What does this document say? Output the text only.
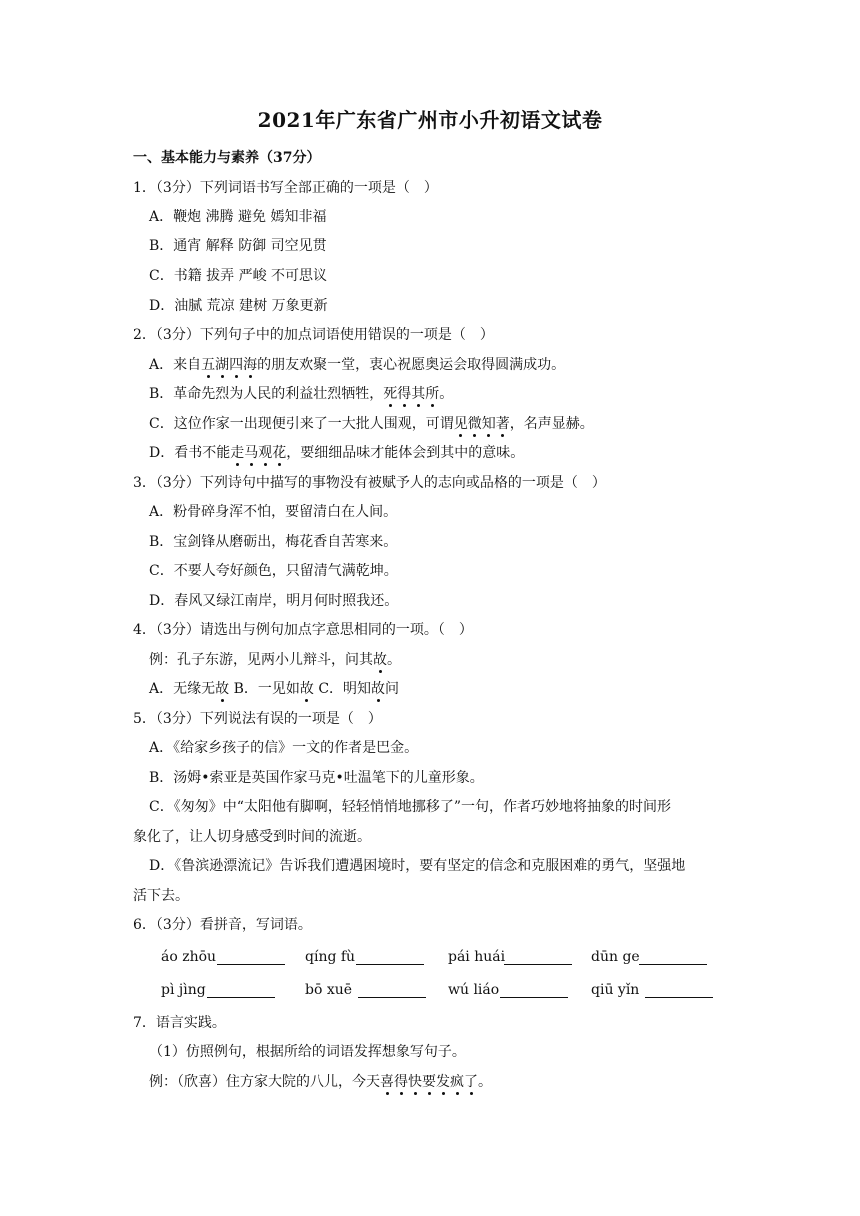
2021年广东省广州市小升初语文试卷
一、基本能力与素养（37分）
1．（3分）下列词语书写全部正确的一项是（　）
A．鞭炮 沸腾 避免 嫣知非福
B．通宵 解释 防御 司空见贯
C．书籍 拔弄 严峻 不可思议
D．油腻 荒凉 建树 万象更新
2．（3分）下列句子中的加点词语使用错误的一项是（　）
A．来自五湖四海的朋友欢聚一堂，衷心祝愿奥运会取得圆满成功。
B．革命先烈为人民的利益壮烈牺牲，死得其所。
C．这位作家一出现便引来了一大批人围观，可谓见微知著，名声显赫。
D．看书不能走马观花，要细细品味才能体会到其中的意味。
3．（3分）下列诗句中描写的事物没有被赋予人的志向或品格的一项是（　）
A．粉骨碎身浑不怕，要留清白在人间。
B．宝剑锋从磨砺出，梅花香自苦寒来。
C．不要人夸好颜色，只留清气满乾坤。
D．春风又绿江南岸，明月何时照我还。
4．（3分）请选出与例句加点字意思相同的一项。（　）
例：孔子东游，见两小儿辩斗，问其故。
A．无缘无故 B．一见如故 C．明知故问
5．（3分）下列说法有误的一项是（　）
A．《给家乡孩子的信》一文的作者是巴金。
B．汤姆•索亚是英国作家马克•吐温笔下的儿童形象。
C．《匆匆》中“太阳他有脚啊，轻轻悄悄地挪移了”一句，作者巧妙地将抽象的时间形
象化了，让人切身感受到时间的流逝。
D．《鲁滨逊漂流记》告诉我们遭遇困境时，要有坚定的信念和克服困难的勇气，坚强地
活下去。
6．（3分）看拼音，写词语。
áo zhōu	qíng fù	pái huái	dūn ge
pì jìng	bō xuē	wú liáo	qiū yǐn
7．语言实践。
（1）仿照例句，根据所给的词语发挥想象写句子。
例：（欣喜）住方家大院的八儿，今天喜得快要发疯了。
